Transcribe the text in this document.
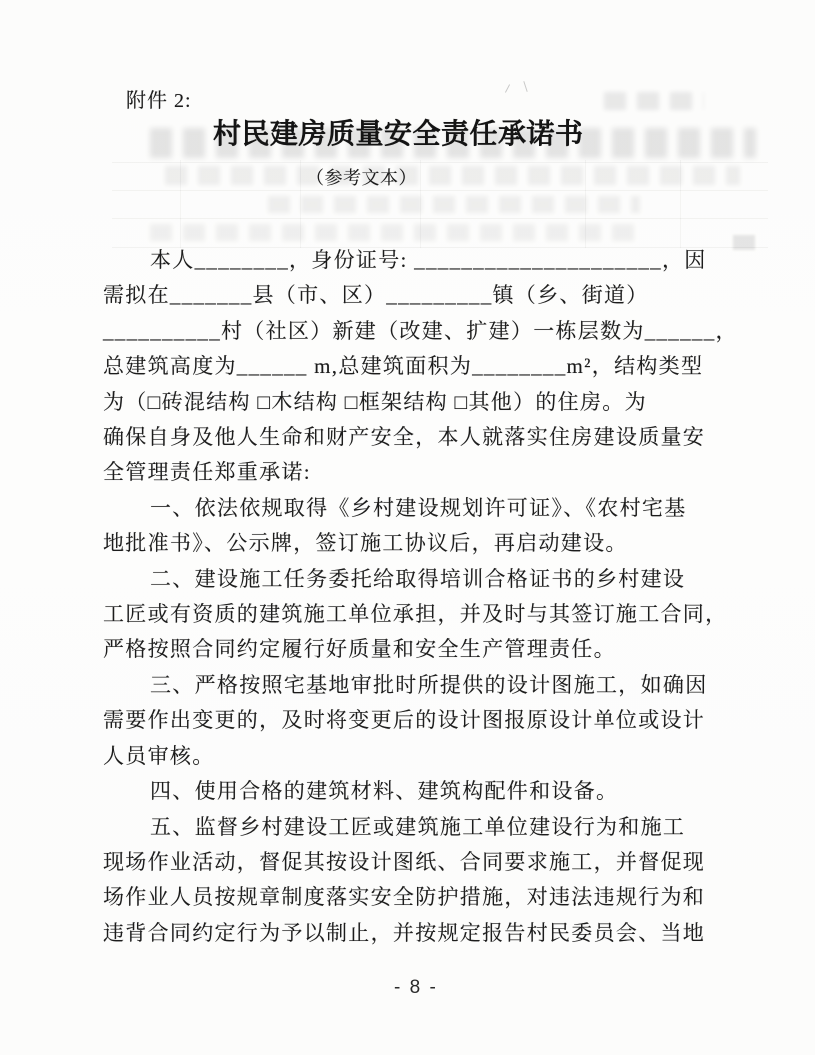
附件 2:
村民建房质量安全责任承诺书
（参考文本）
本人________，身份证号: _____________________，因
需拟在_______县（市、区）_________镇（乡、街道）
__________村（社区）新建（改建、扩建）一栋层数为______，
总建筑高度为______ m,总建筑面积为________m²，结构类型
为（□砖混结构 □木结构 □框架结构 □其他）的住房。为
确保自身及他人生命和财产安全，本人就落实住房建设质量安
全管理责任郑重承诺:
一、依法依规取得《乡村建设规划许可证》、《农村宅基
地批准书》、公示牌，签订施工协议后，再启动建设。
二、建设施工任务委托给取得培训合格证书的乡村建设
工匠或有资质的建筑施工单位承担，并及时与其签订施工合同，
严格按照合同约定履行好质量和安全生产管理责任。
三、严格按照宅基地审批时所提供的设计图施工，如确因
需要作出变更的，及时将变更后的设计图报原设计单位或设计
人员审核。
四、使用合格的建筑材料、建筑构配件和设备。
五、监督乡村建设工匠或建筑施工单位建设行为和施工
现场作业活动，督促其按设计图纸、合同要求施工，并督促现
场作业人员按规章制度落实安全防护措施，对违法违规行为和
违背合同约定行为予以制止，并按规定报告村民委员会、当地
- 8 -
